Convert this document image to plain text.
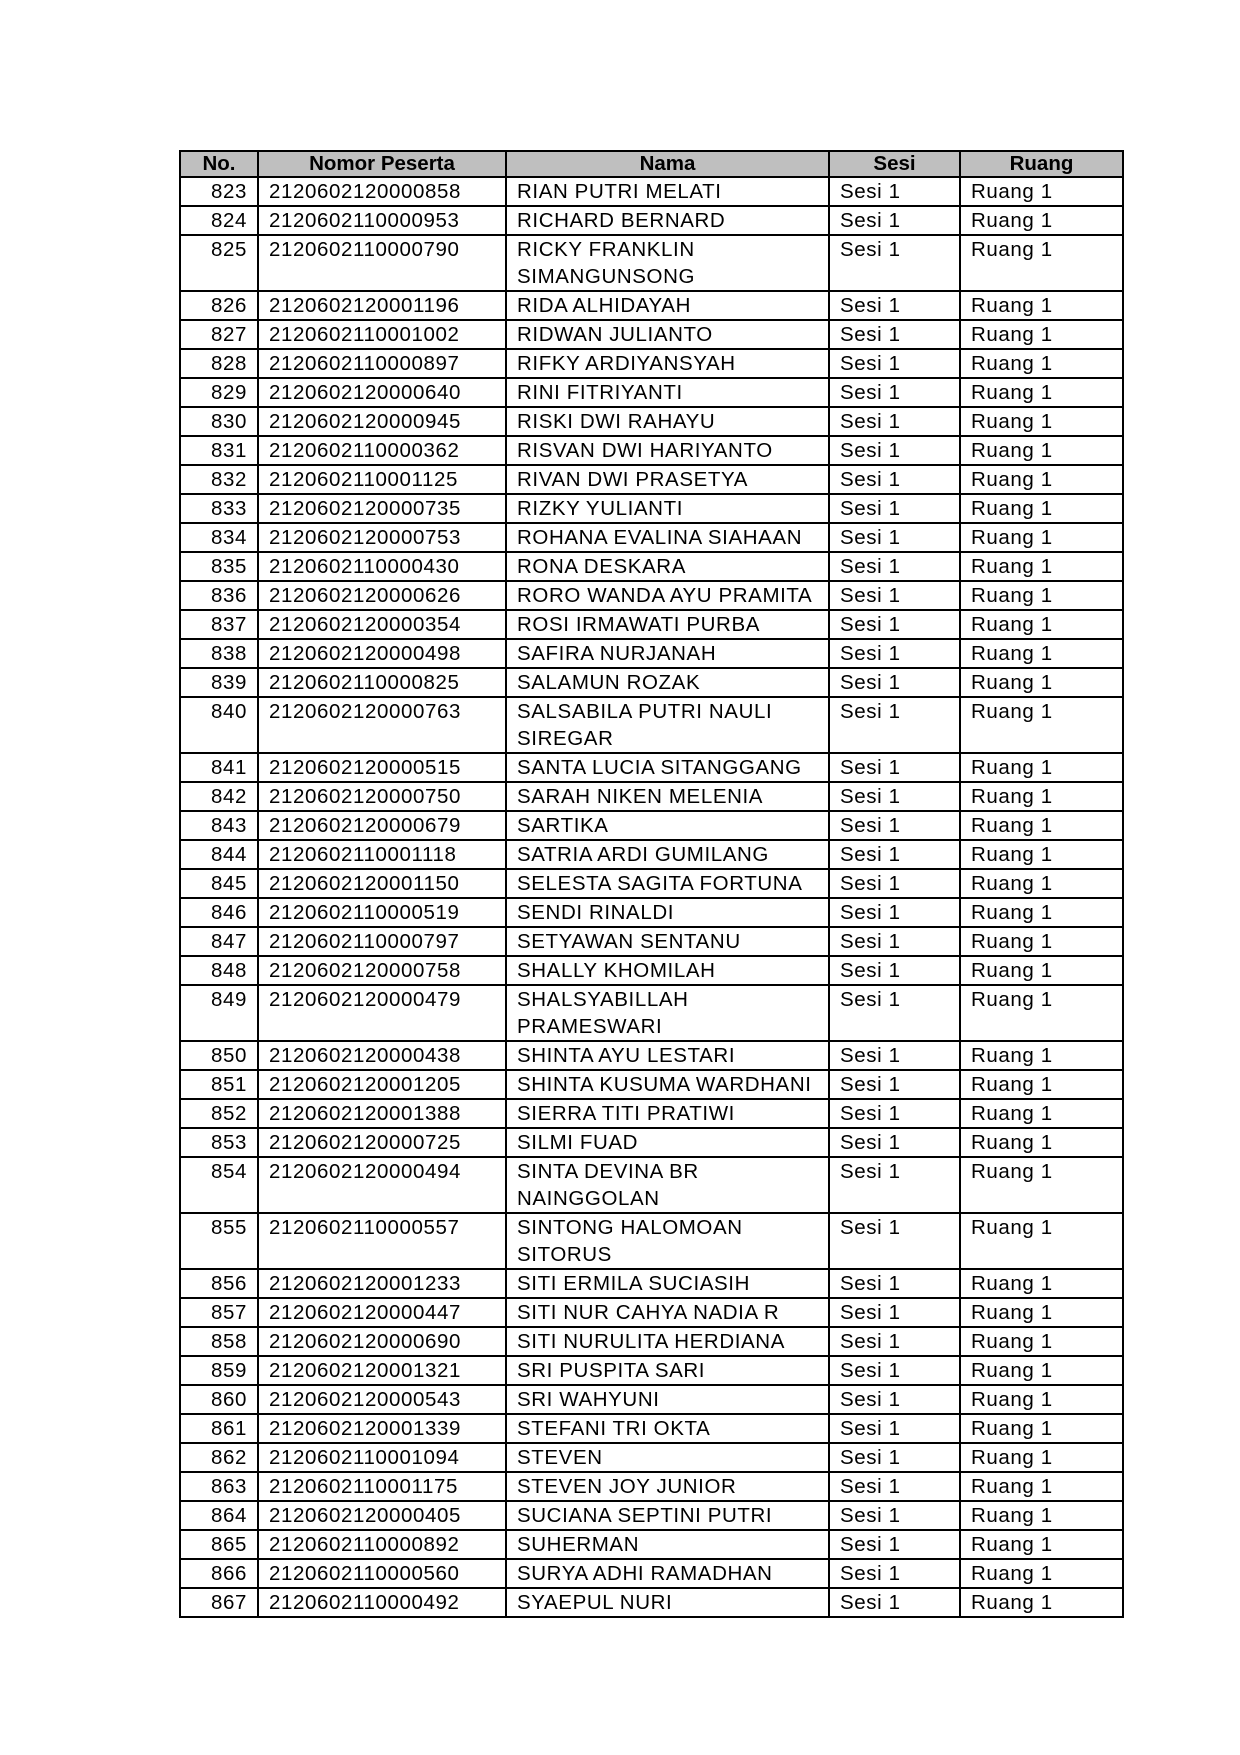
No.	Nomor Peserta	Nama	Sesi	Ruang
823	2120602120000858	RIAN PUTRI MELATI	Sesi 1	Ruang 1
824	2120602110000953	RICHARD BERNARD	Sesi 1	Ruang 1
825	2120602110000790	RICKY FRANKLIN SIMANGUNSONG	Sesi 1	Ruang 1
826	2120602120001196	RIDA ALHIDAYAH	Sesi 1	Ruang 1
827	2120602110001002	RIDWAN JULIANTO	Sesi 1	Ruang 1
828	2120602110000897	RIFKY ARDIYANSYAH	Sesi 1	Ruang 1
829	2120602120000640	RINI FITRIYANTI	Sesi 1	Ruang 1
830	2120602120000945	RISKI DWI RAHAYU	Sesi 1	Ruang 1
831	2120602110000362	RISVAN DWI HARIYANTO	Sesi 1	Ruang 1
832	2120602110001125	RIVAN DWI PRASETYA	Sesi 1	Ruang 1
833	2120602120000735	RIZKY YULIANTI	Sesi 1	Ruang 1
834	2120602120000753	ROHANA EVALINA SIAHAAN	Sesi 1	Ruang 1
835	2120602110000430	RONA DESKARA	Sesi 1	Ruang 1
836	2120602120000626	RORO WANDA AYU PRAMITA	Sesi 1	Ruang 1
837	2120602120000354	ROSI IRMAWATI PURBA	Sesi 1	Ruang 1
838	2120602120000498	SAFIRA NURJANAH	Sesi 1	Ruang 1
839	2120602110000825	SALAMUN ROZAK	Sesi 1	Ruang 1
840	2120602120000763	SALSABILA PUTRI NAULI SIREGAR	Sesi 1	Ruang 1
841	2120602120000515	SANTA LUCIA SITANGGANG	Sesi 1	Ruang 1
842	2120602120000750	SARAH NIKEN MELENIA	Sesi 1	Ruang 1
843	2120602120000679	SARTIKA	Sesi 1	Ruang 1
844	2120602110001118	SATRIA ARDI GUMILANG	Sesi 1	Ruang 1
845	2120602120001150	SELESTA SAGITA FORTUNA	Sesi 1	Ruang 1
846	2120602110000519	SENDI RINALDI	Sesi 1	Ruang 1
847	2120602110000797	SETYAWAN SENTANU	Sesi 1	Ruang 1
848	2120602120000758	SHALLY KHOMILAH	Sesi 1	Ruang 1
849	2120602120000479	SHALSYABILLAH PRAMESWARI	Sesi 1	Ruang 1
850	2120602120000438	SHINTA AYU LESTARI	Sesi 1	Ruang 1
851	2120602120001205	SHINTA KUSUMA WARDHANI	Sesi 1	Ruang 1
852	2120602120001388	SIERRA TITI PRATIWI	Sesi 1	Ruang 1
853	2120602120000725	SILMI FUAD	Sesi 1	Ruang 1
854	2120602120000494	SINTA DEVINA BR NAINGGOLAN	Sesi 1	Ruang 1
855	2120602110000557	SINTONG HALOMOAN SITORUS	Sesi 1	Ruang 1
856	2120602120001233	SITI ERMILA SUCIASIH	Sesi 1	Ruang 1
857	2120602120000447	SITI NUR CAHYA NADIA R	Sesi 1	Ruang 1
858	2120602120000690	SITI NURULITA HERDIANA	Sesi 1	Ruang 1
859	2120602120001321	SRI PUSPITA SARI	Sesi 1	Ruang 1
860	2120602120000543	SRI WAHYUNI	Sesi 1	Ruang 1
861	2120602120001339	STEFANI TRI OKTA	Sesi 1	Ruang 1
862	2120602110001094	STEVEN	Sesi 1	Ruang 1
863	2120602110001175	STEVEN JOY JUNIOR	Sesi 1	Ruang 1
864	2120602120000405	SUCIANA SEPTINI PUTRI	Sesi 1	Ruang 1
865	2120602110000892	SUHERMAN	Sesi 1	Ruang 1
866	2120602110000560	SURYA ADHI RAMADHAN	Sesi 1	Ruang 1
867	2120602110000492	SYAEPUL NURI	Sesi 1	Ruang 1
